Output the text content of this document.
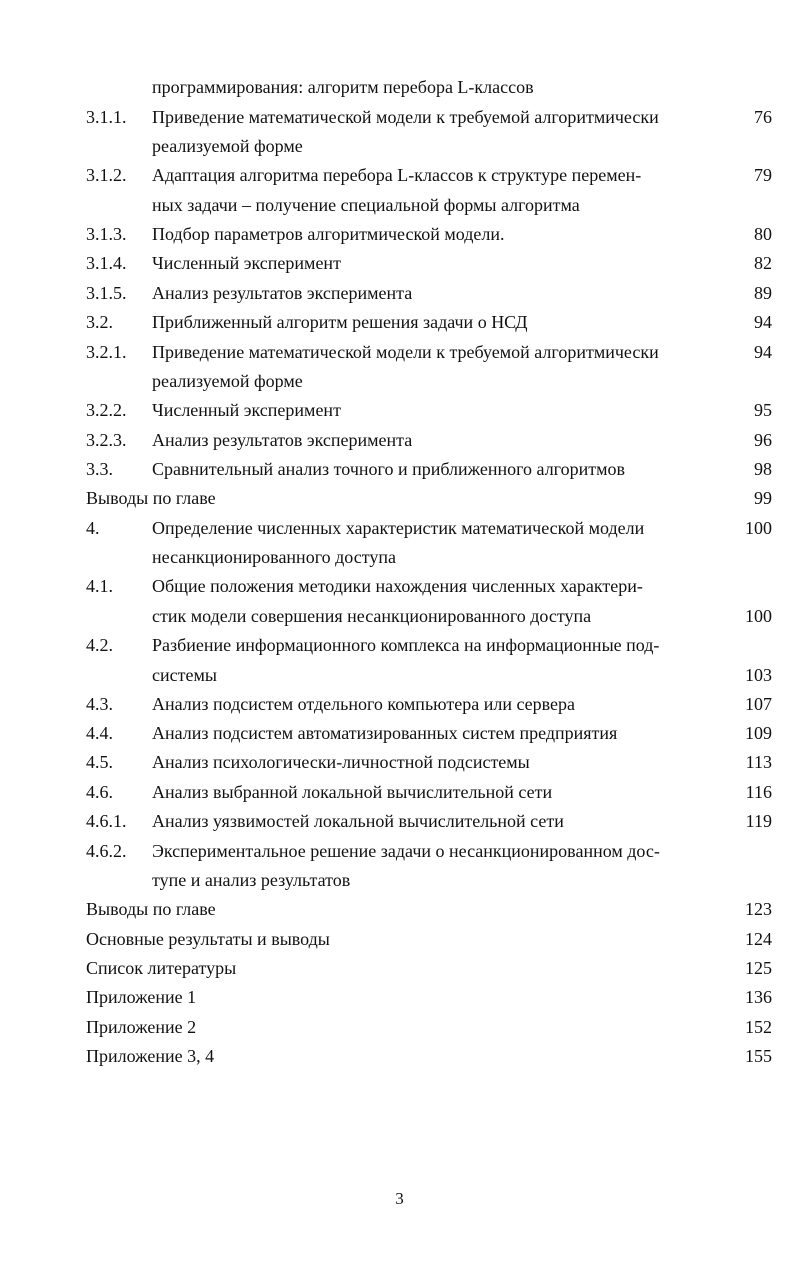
программирования: алгоритм перебора L-классов
3.1.1. Приведение математической модели к требуемой алгоритмически	76
реализуемой форме
3.1.2. Адаптация алгоритма перебора L-классов к структуре перемен-	79
ных задачи – получение специальной формы алгоритма
3.1.3. Подбор параметров алгоритмической модели.	80
3.1.4. Численный эксперимент	82
3.1.5. Анализ результатов эксперимента	89
3.2. Приближенный алгоритм решения задачи о НСД	94
3.2.1. Приведение математической модели к требуемой алгоритмически	94
реализуемой форме
3.2.2. Численный эксперимент	95
3.2.3. Анализ результатов эксперимента	96
3.3. Сравнительный анализ точного и приближенного алгоритмов	98
Выводы по главе	99
4.	Определение численных характеристик математической модели	100
несанкционированного доступа
4.1. Общие положения методики нахождения численных характери-
стик модели совершения несанкционированного доступа	100
4.2. Разбиение информационного комплекса на информационные под-
системы	103
4.3. Анализ подсистем отдельного компьютера или сервера	107
4.4. Анализ подсистем автоматизированных систем предприятия	109
4.5. Анализ психологически-личностной подсистемы	113
4.6. Анализ выбранной локальной вычислительной сети	116
4.6.1. Анализ уязвимостей локальной вычислительной сети	119
4.6.2. Экспериментальное решение задачи о несанкционированном дос-
тупе и анализ результатов
Выводы по главе	123
Основные результаты и выводы	124
Список литературы	125
Приложение 1	136
Приложение 2	152
Приложение 3, 4	155
3
